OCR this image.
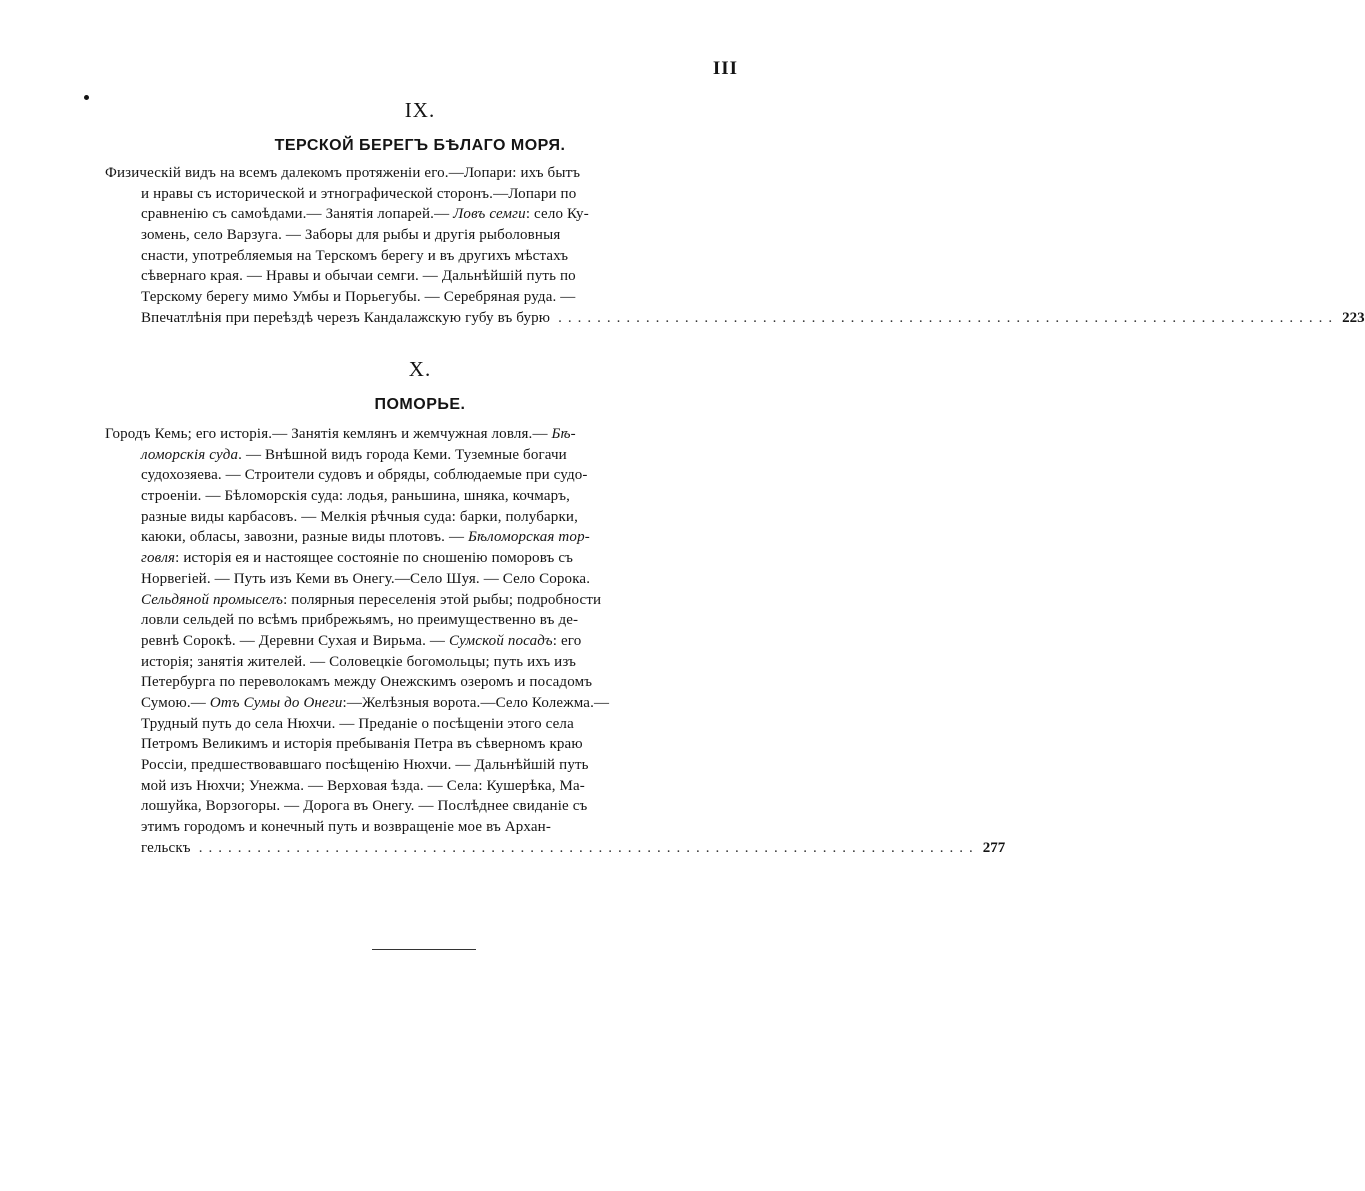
III
IX.
ТЕРСКОЙ БЕРЕГЪ БѢЛАГО МОРЯ.
Физическій видъ на всемъ далекомъ протяженіи его.—Лопари: ихъ бытъ
и нравы съ исторической и этнографической сторонъ.—Лопари по
сравненію съ самоѣдами.— Занятія лопарей.— Ловъ семги: село Ку-
зомень, село Варзуга. — Заборы для рыбы и другія рыболовныя
снасти, употребляемыя на Терскомъ берегу и въ другихъ мѣстахъ
сѣвернаго края. — Нравы и обычаи семги. — Дальнѣйшій путь по
Терскому берегу мимо Умбы и Порьегубы. — Серебряная руда. —
Впечатлѣнія при переѣздѣ черезъ Кандалажскую губу въ бурю ................................................................................ 223
X.
ПОМОРЬЕ.
Городъ Кемь; его исторія.— Занятія кемлянъ и жемчужная ловля.— Бѣ-
ломорскія суда. — Внѣшной видъ города Кеми. Туземные богачи
судохозяева. — Строители судовъ и обряды, соблюдаемые при судо-
строеніи. — Бѣломорскія суда: лодья, раньшина, шняка, кочмаръ,
разные виды карбасовъ. — Мелкія рѣчныя суда: барки, полубарки,
каюки, обласы, завозни, разные виды плотовъ. — Бѣломорская тор-
говля: исторія ея и настоящее состояніе по сношенію поморовъ съ
Норвегіей. — Путь изъ Кеми въ Онегу.—Село Шуя. — Село Сорока.
Сельдяной промыселъ: полярныя переселенія этой рыбы; подробности
ловли сельдей по всѣмъ прибрежьямъ, но преимущественно въ де-
ревнѣ Сорокѣ. — Деревни Сухая и Вирьма. — Сумской посадъ: его
исторія; занятія жителей. — Соловецкіе богомольцы; путь ихъ изъ
Петербурга по переволокамъ между Онежскимъ озеромъ и посадомъ
Сумою.— Отъ Сумы до Онеги:—Желѣзныя ворота.—Село Колежма.—
Трудный путь до села Нюхчи. — Преданіе о посѣщеніи этого села
Петромъ Великимъ и исторія пребыванія Петра въ сѣверномъ краю
Россіи, предшествовавшаго посѣщенію Нюхчи. — Дальнѣйшій путь
мой изъ Нюхчи; Унежма. — Верховая ѣзда. — Села: Кушерѣка, Ма-
лошуйка, Ворзогоры. — Дорога въ Онегу. — Послѣднее свиданіе съ
этимъ городомъ и конечный путь и возвращеніе мое въ Архан-
гельскъ ................................................................................ 277
